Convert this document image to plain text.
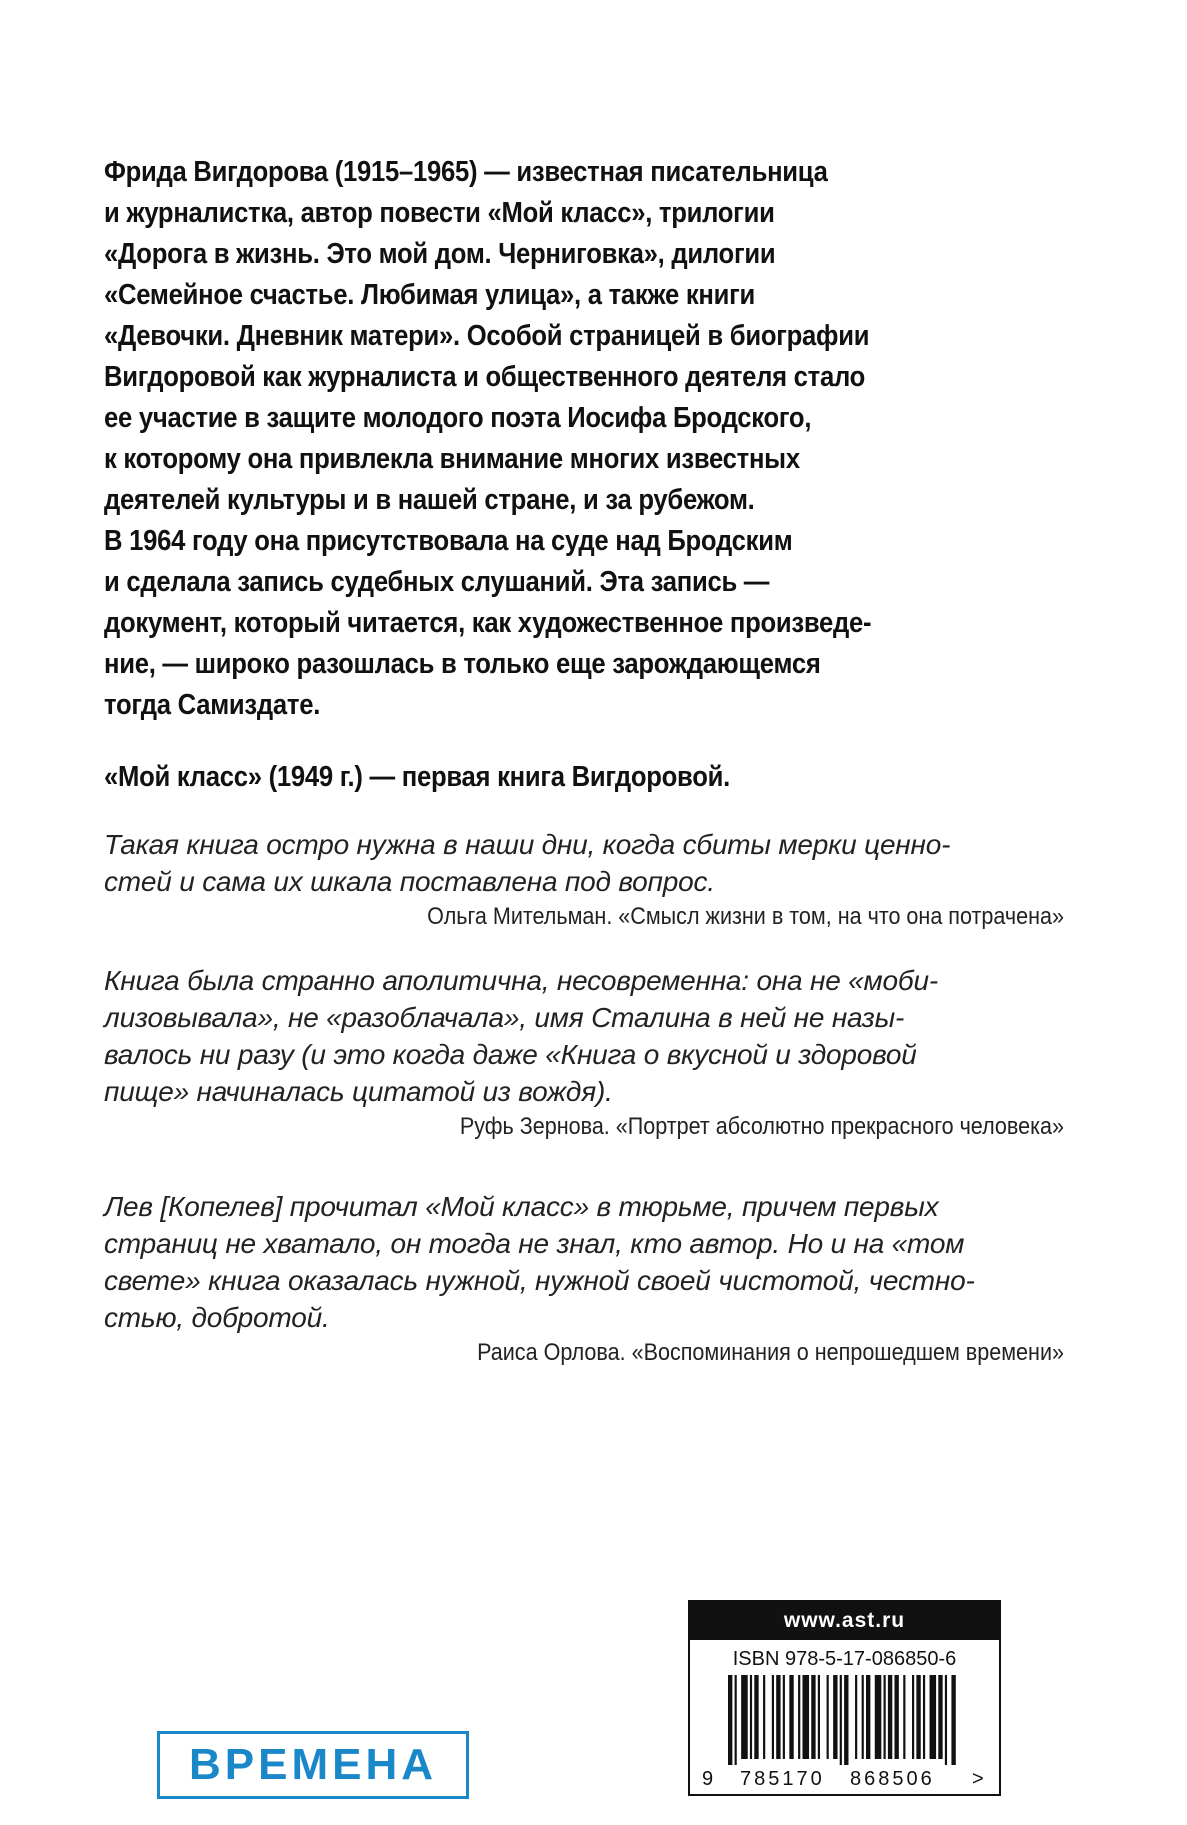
Фрида Вигдорова (1915–1965) — известная писательница
и журналистка, автор повести «Мой класс», трилогии
«Дорога в жизнь. Это мой дом. Черниговка», дилогии
«Семейное счастье. Любимая улица», а также книги
«Девочки. Дневник матери». Особой страницей в биографии
Вигдоровой как журналиста и общественного деятеля стало
ее участие в защите молодого поэта Иосифа Бродского,
к которому она привлекла внимание многих известных
деятелей культуры и в нашей стране, и за рубежом.
В 1964 году она присутствовала на суде над Бродским
и сделала запись судебных слушаний. Эта запись —
документ, который читается, как художественное произведе-
ние, — широко разошлась в только еще зарождающемся
тогда Самиздате.

«Мой класс» (1949 г.) — первая книга Вигдоровой.

Такая книга остро нужна в наши дни, когда сбиты мерки ценно-
стей и сама их шкала поставлена под вопрос.

Ольга Мительман. «Смысл жизни в том, на что она потрачена»

Книга была странно аполитична, несовременна: она не «моби-
лизовывала», не «разоблачала», имя Сталина в ней не назы-
валось ни разу (и это когда даже «Книга о вкусной и здоровой
пище» начиналась цитатой из вождя).

Руфь Зернова. «Портрет абсолютно прекрасного человека»

Лев [Копелев] прочитал «Мой класс» в тюрьме, причем первых
страниц не хватало, он тогда не знал, кто автор. Но и на «том
свете» книга оказалась нужной, нужной своей чистотой, честно-
стью, добротой.

Раиса Орлова. «Воспоминания о непрошедшем времени»

ВРЕМЕНА
www.ast.ru
ISBN 978-5-17-086850-6
9 785170 868506 >
